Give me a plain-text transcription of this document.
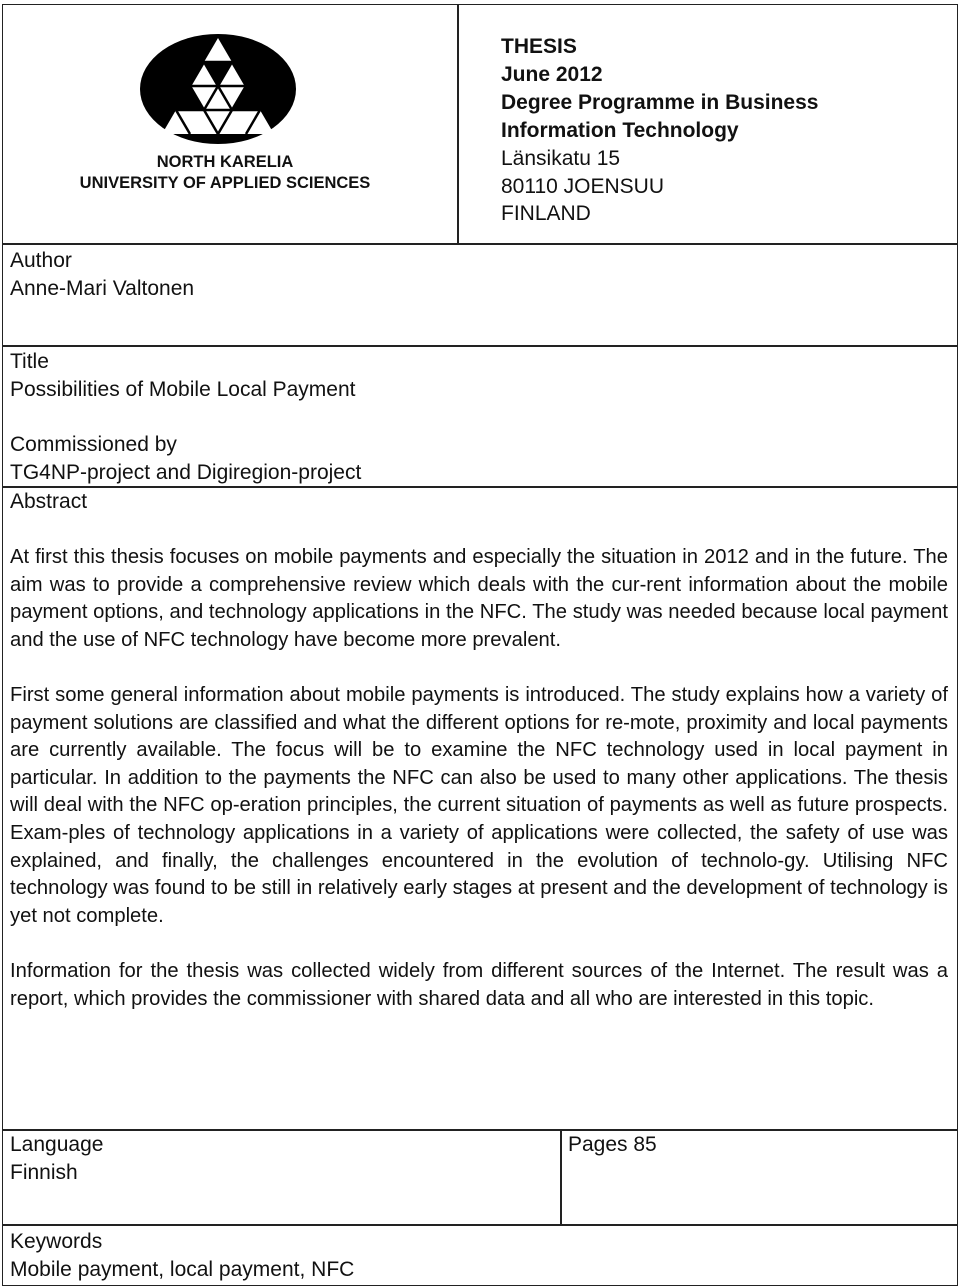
NORTH KARELIA
UNIVERSITY OF APPLIED SCIENCES
THESIS
June 2012
Degree Programme in Business
Information Technology
Länsikatu 15
80110 JOENSUU
FINLAND
Author
Anne-Mari Valtonen
Title
Possibilities of Mobile Local Payment
Commissioned by
TG4NP-project and Digiregion-project
Abstract

At first this thesis focuses on mobile payments and especially the situation in 2012 and in the future. The aim was to provide a comprehensive review which deals with the cur-rent information about the mobile payment options, and technology applications in the NFC. The study was needed because local payment and the use of NFC technology have become more prevalent.

First some general information about mobile payments is introduced. The study explains how a variety of payment solutions are classified and what the different options for re-mote, proximity and local payments are currently available. The focus will be to examine the NFC technology used in local payment in particular. In addition to the payments the NFC can also be used to many other applications. The thesis will deal with the NFC op-eration principles, the current situation of payments as well as future prospects. Exam-ples of technology applications in a variety of applications were collected, the safety of use was explained, and finally, the challenges encountered in the evolution of technolo-gy. Utilising NFC technology was found to be still in relatively early stages at present and the development of technology is yet not complete.

Information for the thesis was collected widely from different sources of the Internet. The result was a report, which provides the commissioner with shared data and all who are interested in this topic.

Language
Finnish
Pages 85
Keywords
Mobile payment, local payment, NFC
